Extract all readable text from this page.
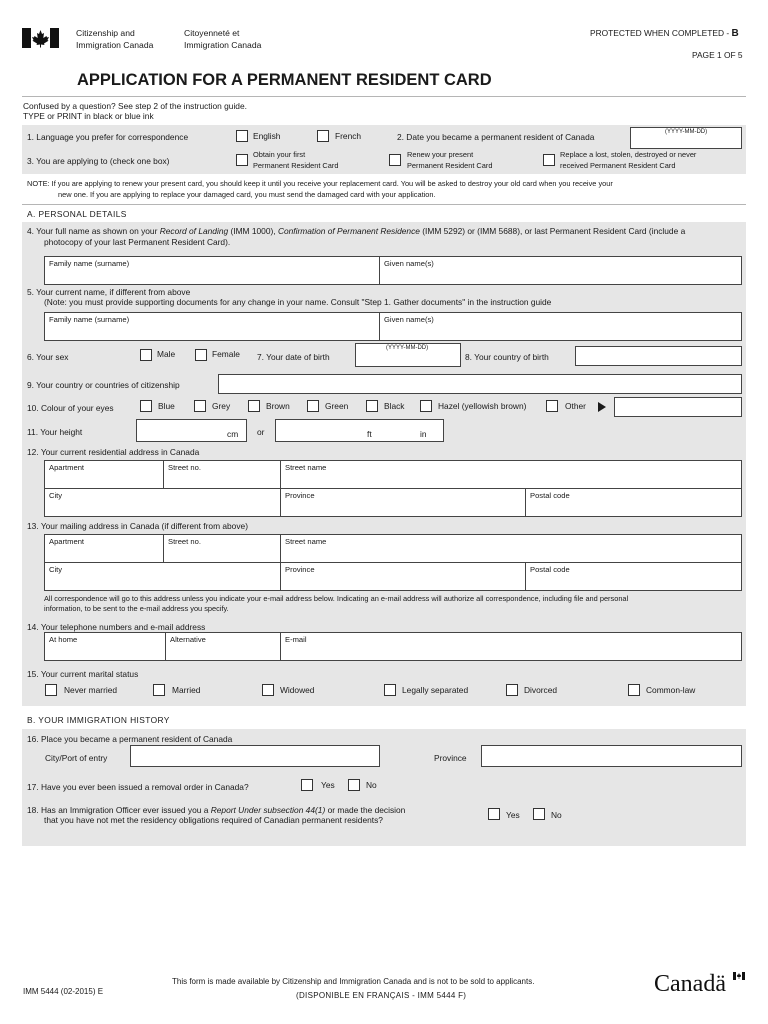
Citizenship and
Immigration Canada
Citoyenneté et
Immigration Canada
PROTECTED WHEN COMPLETED - B
PAGE 1 OF 5
APPLICATION FOR A PERMANENT RESIDENT CARD
Confused by a question? See step 2 of the instruction guide.
TYPE or PRINT in black or blue ink
1. Language you prefer for correspondence	English	French	2. Date you became a permanent resident of Canada	(YYYY-MM-DD)
3. You are applying to (check one box)
Obtain your first
Permanent Resident Card
Renew your present
Permanent Resident Card
Replace a lost, stolen, destroyed or never
received Permanent Resident Card
NOTE: If you are applying to renew your present card, you should keep it until you receive your replacement card. You will be asked to destroy your old card when you receive your
new one. If you are applying to replace your damaged card, you must send the damaged card with your application.
A. PERSONAL DETAILS
4. Your full name as shown on your Record of Landing (IMM 1000), Confirmation of Permanent Residence (IMM 5292) or (IMM 5688), or last Permanent Resident Card (include a
photocopy of your last Permanent Resident Card).
Family name (surname)	Given name(s)
5. Your current name, if different from above
(Note: you must provide supporting documents for any change in your name. Consult "Step 1. Gather documents" in the instruction guide
Family name (surname)	Given name(s)
6. Your sex	Male	Female 7. Your date of birth
(YYYY-MM-DD)
8. Your country of birth
9. Your country or countries of citizenship
10. Colour of your eyes	Blue	Grey	Brown	Green	Black	Hazel (yellowish brown)	Other
11. Your height	cm or	ft	in
12. Your current residential address in Canada
Apartment	Street no.	Street name
City	Province	Postal code
13. Your mailing address in Canada (if different from above)
Apartment	Street no.	Street name
City	Province	Postal code
All correspondence will go to this address unless you indicate your e-mail address below. Indicating an e-mail address will authorize all correspondence, including file and personal
information, to be sent to the e-mail address you specify.
14. Your telephone numbers and e-mail address
At home	Alternative	E-mail
15. Your current marital status
Never married	Married	Widowed	Legally separated	Divorced	Common-law
B. YOUR IMMIGRATION HISTORY
16. Place you became a permanent resident of Canada
City/Port of entry	Province
17. Have you ever been issued a removal order in Canada?	Yes	No
18. Has an Immigration Officer ever issued you a Report Under subsection 44(1) or made the decision
that you have not met the residency obligations required of Canadian permanent residents?	Yes	No
IMM 5444 (02-2015) E
This form is made available by Citizenship and Immigration Canada and is not to be sold to applicants.
(DISPONIBLE EN FRANÇAIS - IMM 5444 F)	Canadä
